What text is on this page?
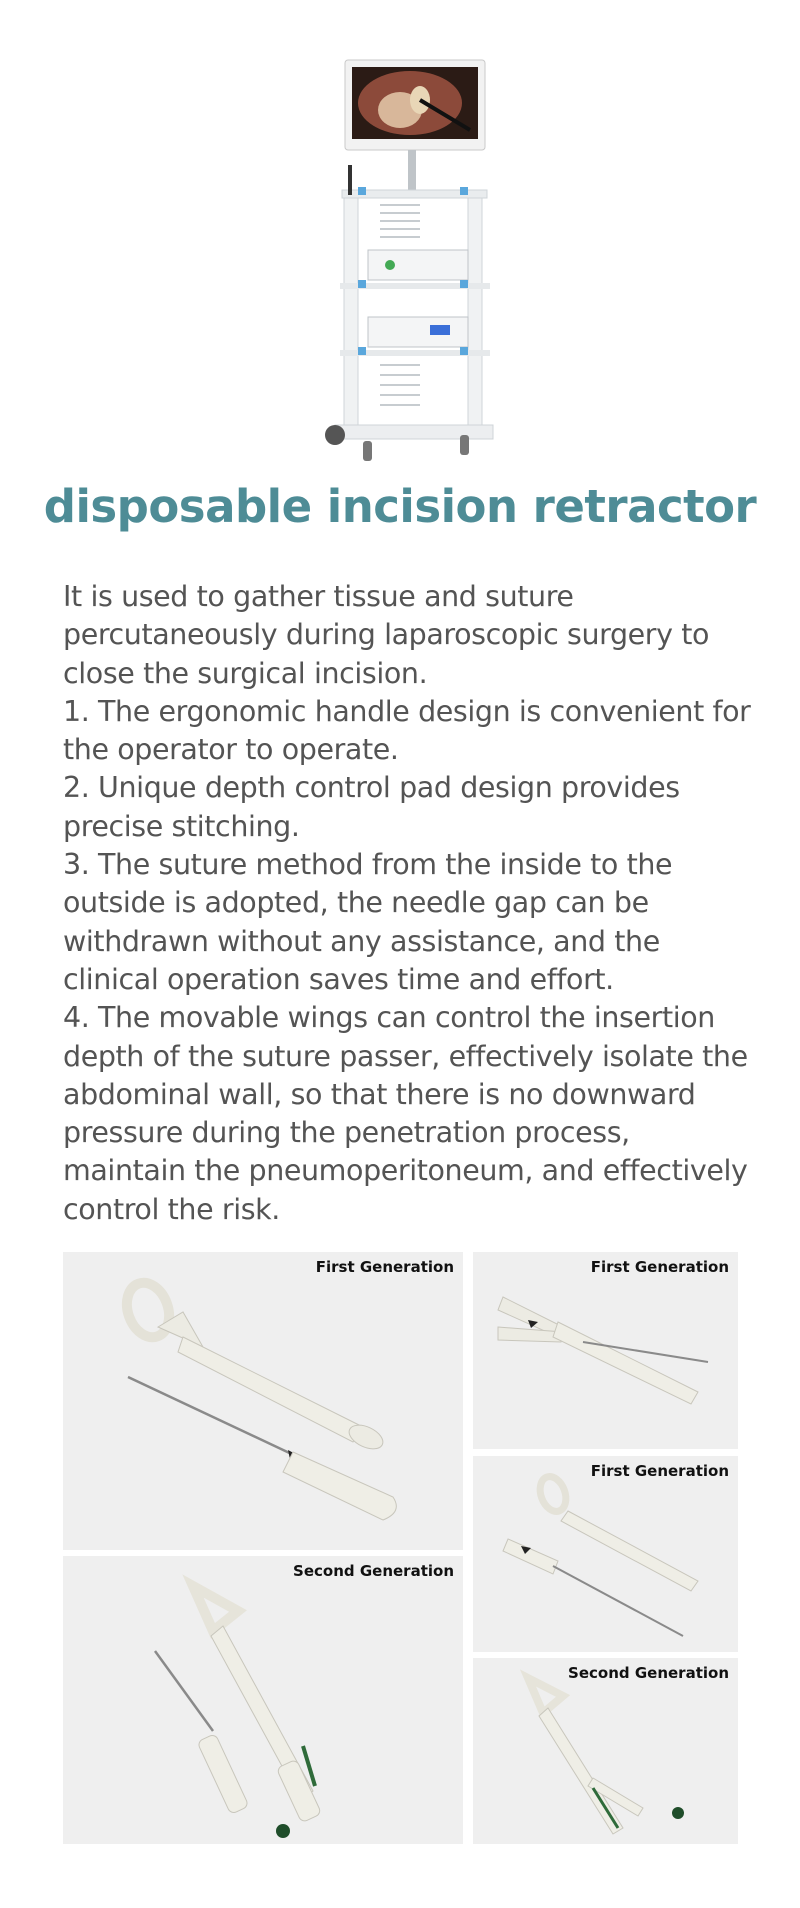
disposable incision retractor

It is used to gather tissue and suture percutaneously during laparoscopic surgery to close the surgical incision.

1. The ergonomic handle design is convenient for the operator to operate.

2. Unique depth control pad design provides precise stitching.

3. The suture method from the inside to the outside is adopted, the needle gap can be withdrawn without any assistance, and the clinical operation saves time and effort.

4. The movable wings can control the insertion depth of the suture passer, effectively isolate the abdominal wall, so that there is no downward pressure during the penetration process, maintain the pneumoperitoneum, and effectively control the risk.

First Generation
Second Generation
First Generation
First Generation
Second Generation
